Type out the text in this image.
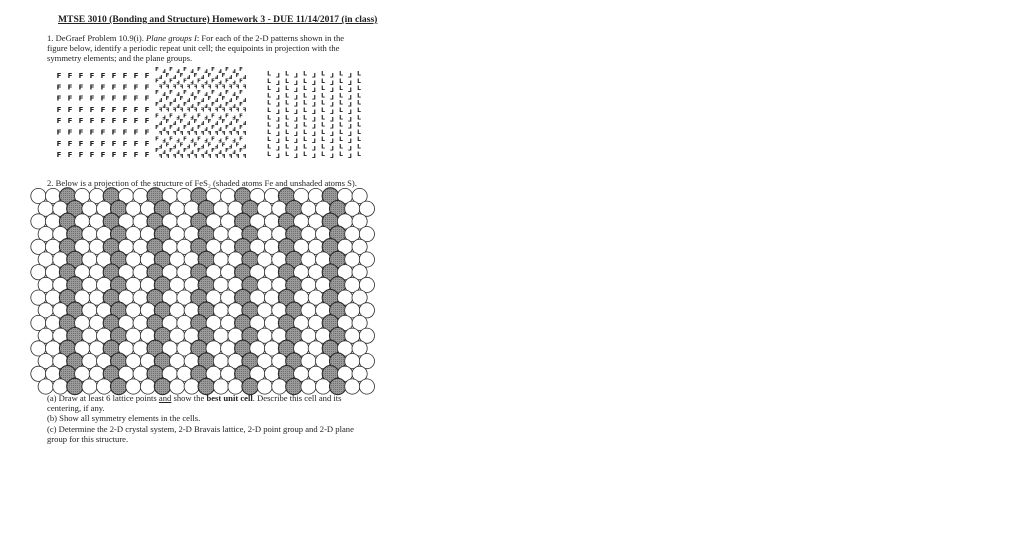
MTSE 3010 (Bonding and Structure) Homework 3 - DUE 11/14/2017 (in class)
1. DeGraef Problem 10.9(i). Plane groups I: For each of the 2-D patterns shown in the
figure below, identify a periodic repeat unit cell; the equipoints in projection with the
symmetry elements; and the plane groups.
F F F F F F F F F
F F F F F F F F F
F F F F F F F F F
F F F F F F F F F
F F F F F F F F F
F F F F F F F F F
F F F F F F F F F
F F F F F F F F F
F F F F F F F F F F F F F
F F F F F F F F F F F F F
F F F F F F F F F F F F F
F F F F F F F F F F F F F
F F F F F F F F F F F F F
F F F F F F F F F F F F F
F F F F F F F F F F F F F
F F F F F F F F F F F F F
F F F F F F F F F F F F F
F F F F F F F F F F F F F
F F F F F F F F F F F F F
F F F F F F F F F F F F F
F F F F F F F F F F F F F
F F F F F F F F F F F F F
F F F F F F F F F F F F F
F F F F F F F F F F F F F
L L L L L L L L L L L
L L L L L L L L L L L
L L L L L L L L L L L
L L L L L L L L L L L
L L L L L L L L L L L
L L L L L L L L L L L
L L L L L L L L L L L
L L L L L L L L L L L
L L L L L L L L L L L
L L L L L L L L L L L
L L L L L L L L L L L
L L L L L L L L L L L
2. Below is a projection of the structure of FeS₂ (shaded atoms Fe and unshaded atoms S).
(a) Draw at least 6 lattice points and show the best unit cell. Describe this cell and its
centering, if any.
(b) Show all symmetry elements in the cells.
(c) Determine the 2-D crystal system, 2-D Bravais lattice, 2-D point group and 2-D plane
group for this structure.
